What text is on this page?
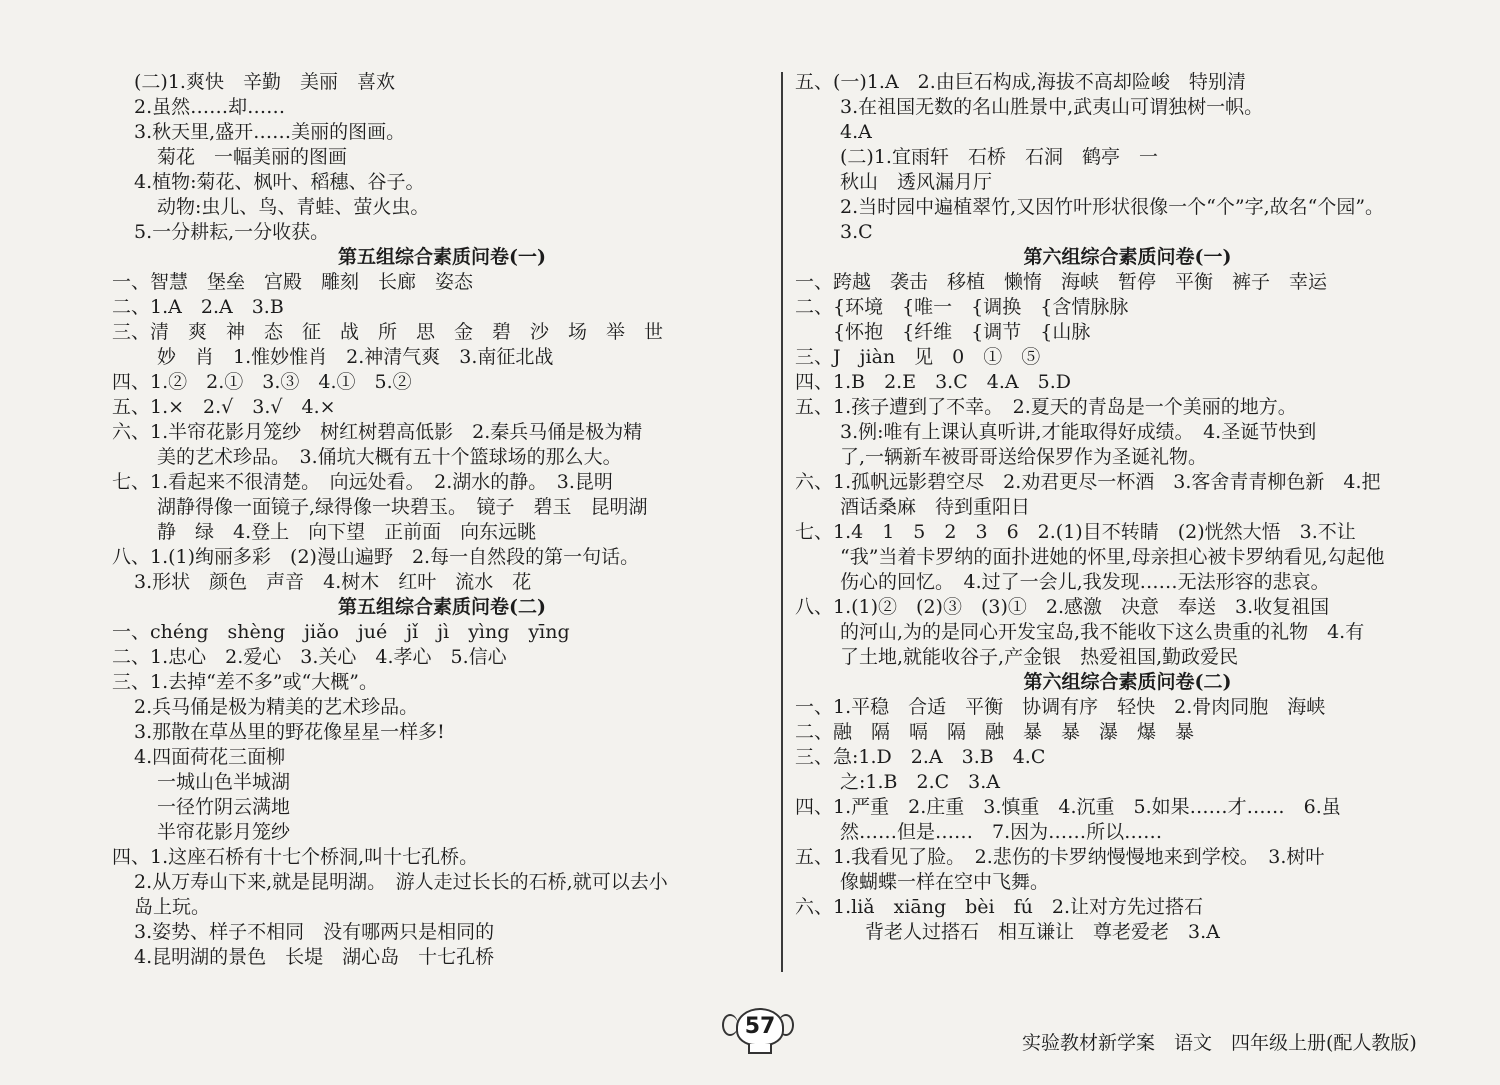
(二)1.爽快　辛勤　美丽　喜欢
2.虽然……却……
3.秋天里,盛开……美丽的图画。
菊花　一幅美丽的图画
4.植物:菊花、枫叶、稻穗、谷子。
动物:虫儿、鸟、青蛙、萤火虫。
5.一分耕耘,一分收获。
第五组综合素质问卷(一)
一、智慧　堡垒　宫殿　雕刻　长廊　姿态
二、1.A　2.A　3.B
三、清　爽　神　态　征　战　所　思　金　碧　沙　场　举　世
妙　肖　1.惟妙惟肖　2.神清气爽　3.南征北战
四、1.②　2.①　3.③　4.①　5.②
五、1.×　2.√　3.√　4.×
六、1.半帘花影月笼纱　树红树碧高低影　2.秦兵马俑是极为精
美的艺术珍品。　3.俑坑大概有五十个篮球场的那么大。
七、1.看起来不很清楚。　向远处看。　2.湖水的静。　3.昆明
湖静得像一面镜子,绿得像一块碧玉。　镜子　碧玉　昆明湖
静　绿　4.登上　向下望　正前面　向东远眺
八、1.(1)绚丽多彩　(2)漫山遍野　2.每一自然段的第一句话。
3.形状　颜色　声音　4.树木　红叶　流水　花
第五组综合素质问卷(二)
一、chéng　shèng　jiǎo　jué　jǐ　jì　yìng　yīng
二、1.忠心　2.爱心　3.关心　4.孝心　5.信心
三、1.去掉“差不多”或“大概”。
2.兵马俑是极为精美的艺术珍品。
3.那散在草丛里的野花像星星一样多!
4.四面荷花三面柳
一城山色半城湖
一径竹阴云满地
半帘花影月笼纱
四、1.这座石桥有十七个桥洞,叫十七孔桥。
2.从万寿山下来,就是昆明湖。　游人走过长长的石桥,就可以去小
岛上玩。
3.姿势、样子不相同　没有哪两只是相同的
4.昆明湖的景色　长堤　湖心岛　十七孔桥
五、(一)1.A　2.由巨石构成,海拔不高却险峻　特别清
3.在祖国无数的名山胜景中,武夷山可谓独树一帜。
4.A
(二)1.宜雨轩　石桥　石洞　鹤亭　一
秋山　透风漏月厅
2.当时园中遍植翠竹,又因竹叶形状很像一个“个”字,故名“个园”。
3.C
第六组综合素质问卷(一)
一、跨越　袭击　移植　懒惰　海峡　暂停　平衡　裤子　幸运
二、{环境　{唯一　{调换　{含情脉脉
　　{怀抱　{纤维　{调节　{山脉
三、J　jiàn　见　0　①　⑤
四、1.B　2.E　3.C　4.A　5.D
五、1.孩子遭到了不幸。　2.夏天的青岛是一个美丽的地方。
3.例:唯有上课认真听讲,才能取得好成绩。　4.圣诞节快到
了,一辆新车被哥哥送给保罗作为圣诞礼物。
六、1.孤帆远影碧空尽　2.劝君更尽一杯酒　3.客舍青青柳色新　4.把
酒话桑麻　待到重阳日
七、1.4　1　5　2　3　6　2.(1)目不转睛　(2)恍然大悟　3.不让
“我”当着卡罗纳的面扑进她的怀里,母亲担心被卡罗纳看见,勾起他
伤心的回忆。　4.过了一会儿,我发现……无法形容的悲哀。
八、1.(1)②　(2)③　(3)①　2.感激　决意　奉送　3.收复祖国
的河山,为的是同心开发宝岛,我不能收下这么贵重的礼物　4.有
了土地,就能收谷子,产金银　热爱祖国,勤政爱民
第六组综合素质问卷(二)
一、1.平稳　合适　平衡　协调有序　轻快　2.骨肉同胞　海峡
二、融　隔　嗝　隔　融　暴　暴　瀑　爆　暴
三、急:1.D　2.A　3.B　4.C
之:1.B　2.C　3.A
四、1.严重　2.庄重　3.慎重　4.沉重　5.如果……才……　6.虽
然……但是……　7.因为……所以……
五、1.我看见了脸。　2.悲伤的卡罗纳慢慢地来到学校。　3.树叶
像蝴蝶一样在空中飞舞。
六、1.liǎ　xiāng　bèi　fú　2.让对方先过搭石
背老人过搭石　相互谦让　尊老爱老　3.A
57
实验教材新学案　语文　四年级上册(配人教版)
